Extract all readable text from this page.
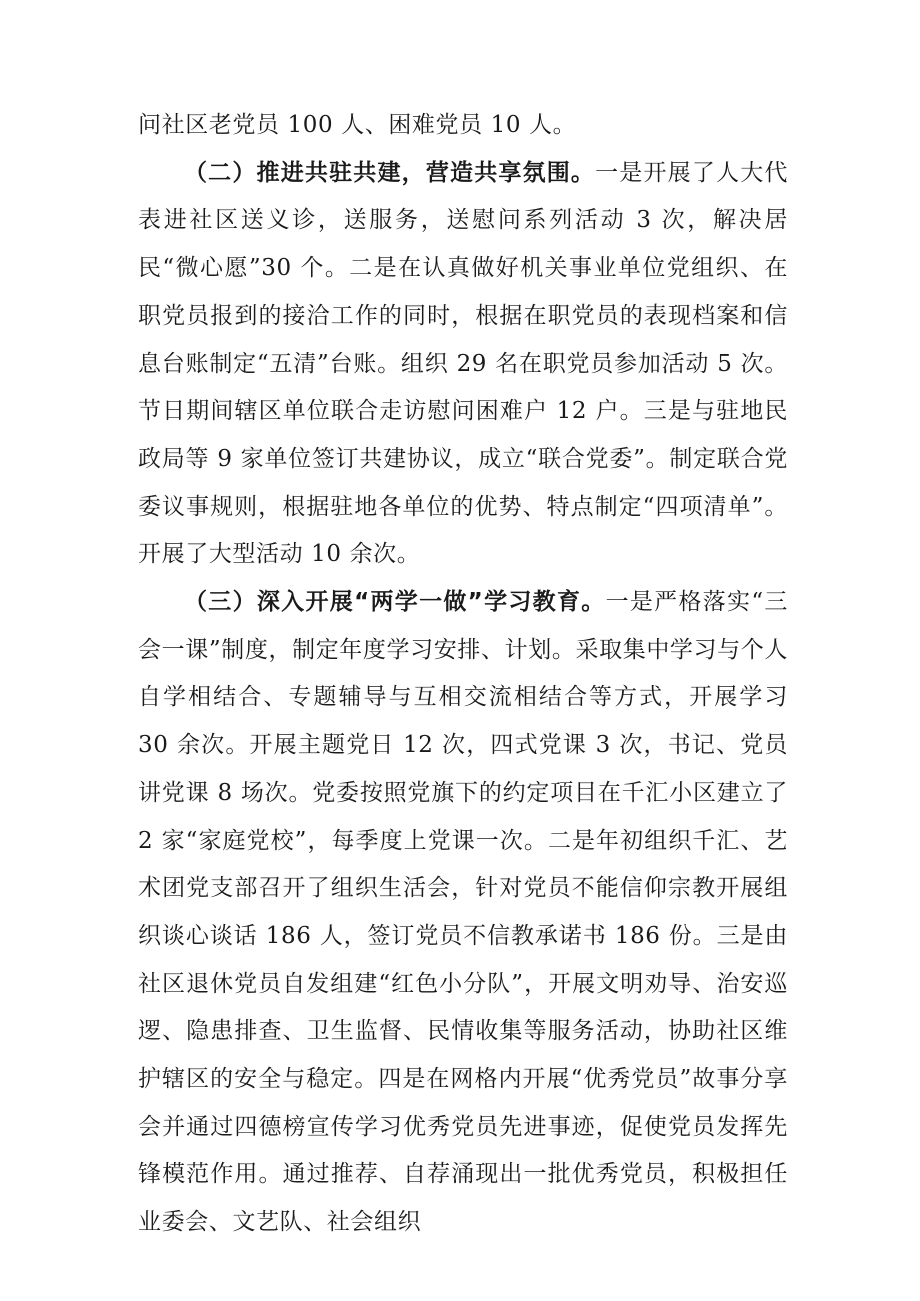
问社区老党员 100 人、困难党员 10 人。

（二）推进共驻共建，营造共享氛围。一是开展了人大代表进社区送义诊，送服务，送慰问系列活动 3 次，解决居民“微心愿”30 个。二是在认真做好机关事业单位党组织、在职党员报到的接洽工作的同时，根据在职党员的表现档案和信息台账制定“五清”台账。组织 29 名在职党员参加活动 5 次。节日期间辖区单位联合走访慰问困难户 12 户。三是与驻地民政局等 9 家单位签订共建协议，成立“联合党委”。制定联合党委议事规则，根据驻地各单位的优势、特点制定“四项清单”。开展了大型活动 10 余次。

（三）深入开展“两学一做”学习教育。一是严格落实“三会一课”制度，制定年度学习安排、计划。采取集中学习与个人自学相结合、专题辅导与互相交流相结合等方式，开展学习 30 余次。开展主题党日 12 次，四式党课 3 次，书记、党员讲党课 8 场次。党委按照党旗下的约定项目在千汇小区建立了 2 家“家庭党校”，每季度上党课一次。二是年初组织千汇、艺术团党支部召开了组织生活会，针对党员不能信仰宗教开展组织谈心谈话 186 人，签订党员不信教承诺书 186 份。三是由社区退休党员自发组建“红色小分队”，开展文明劝导、治安巡逻、隐患排查、卫生监督、民情收集等服务活动，协助社区维护辖区的安全与稳定。四是在网格内开展“优秀党员”故事分享会并通过四德榜宣传学习优秀党员先进事迹，促使党员发挥先锋模范作用。通过推荐、自荐涌现出一批优秀党员，积极担任业委会、文艺队、社会组织
